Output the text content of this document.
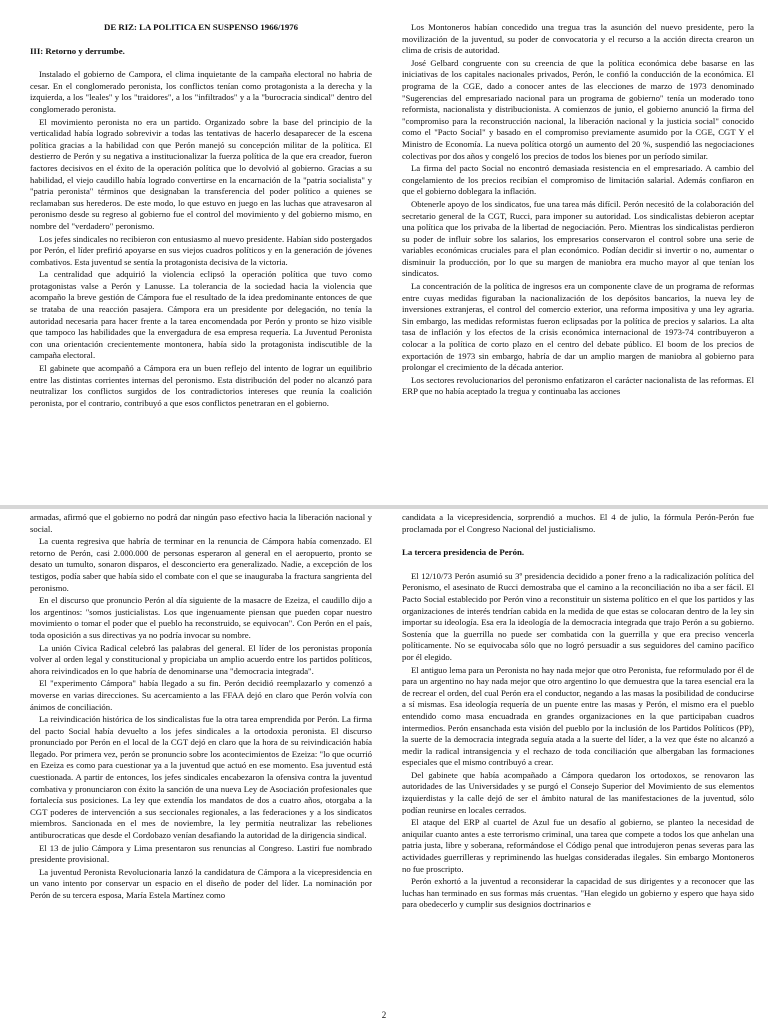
DE RIZ: LA POLITICA EN SUSPENSO 1966/1976

III: Retorno y derrumbe.

Instalado el gobierno de Campora, el clima inquietante de la campaña electoral no habria de cesar. En el conglomerado peronista, los conflictos tenían como protagonista a la derecha y la izquierda, a los "leales" y los "traidores", a los "infiltrados" y a la "burocracia sindical" dentro del conglomerado peronista.

El movimiento peronista no era un partido. Organizado sobre la base del principio de la verticalidad había logrado sobrevivir a todas las tentativas de hacerlo desaparecer de la escena política gracias a la habilidad con que Perón manejó su concepción militar de la política. El destierro de Perón y su negativa a institucionalizar la fuerza política de la que era creador, fueron factores decisivos en el éxito de la operación política que lo devolvió al gobierno. Gracias a su habilidad, el viejo caudillo había logrado convertirse en la encarnación de la "patria socialista" y "patria peronista" términos que designaban la transferencia del poder político a quienes se reclamaban sus herederos. De este modo, lo que estuvo en juego en las luchas que atravesaron al peronismo desde su regreso al gobierno fue el control del movimiento y del gobierno mismo, en nombre del "verdadero" peronismo.

Los jefes sindicales no recibieron con entusiasmo al nuevo presidente. Habían sido postergados por Perón, el líder prefirió apoyarse en sus viejos cuadros políticos y en la generación de jóvenes combativos. Esta juventud se sentía la protagonista decisiva de la victoria.

La centralidad que adquirió la violencia eclipsó la operación política que tuvo como protagonistas valse a Perón y Lanusse. La tolerancia de la sociedad hacia la violencia que acompaño la breve gestión de Cámpora fue el resultado de la idea predominante entonces de que se trataba de una reacción pasajera. Cámpora era un presidente por delegación, no tenía la autoridad necesaria para hacer frente a la tarea encomendada por Perón y pronto se hizo visible que tampoco las habilidades que la envergadura de esa empresa requería. La Juventud Peronista con una orientación crecientemente montonera, había sido la protagonista indiscutible de la campaña electoral.

El gabinete que acompañó a Cámpora era un buen reflejo del intento de lograr un equilibrio entre las distintas corrientes internas del peronismo. Esta distribución del poder no alcanzó para neutralizar los conflictos surgidos de los contradictorios intereses que reunía la coalición peronista, por el contrario, contribuyó a que esos conflictos penetraran en el gobierno.

Los Montoneros habían concedido una tregua tras la asunción del nuevo presidente, pero la movilización de la juventud, su poder de convocatoria y el recurso a la acción directa crearon un clima de crisis de autoridad.

José Gelbard congruente con su creencia de que la política económica debe basarse en las iniciativas de los capitales nacionales privados, Perón, le confió la conducción de la económica. El programa de la CGE, dado a conocer antes de las elecciones de marzo de 1973 denominado "Sugerencias del empresariado nacional para un programa de gobierno" tenía un moderado tono reformista, nacionalista y distribucionista. A comienzos de junio, el gobierno anunció la firma del "compromiso para la reconstrucción nacional, la liberación nacional y la justicia social" conocido como el "Pacto Social" y basado en el compromiso previamente asumido por la CGE, CGT Y el Ministro de Economía. La nueva política otorgó un aumento del 20 %, suspendió las negociaciones colectivas por dos años y congeló los precios de todos los bienes por un período similar.

La firma del pacto Social no encontró demasiada resistencia en el empresariado. A cambio del congelamiento de los precios recibían el compromiso de limitación salarial. Además confiaron en que el gobierno doblegara la inflación.

Obtenerle apoyo de los sindicatos, fue una tarea más difícil. Perón necesitó de la colaboración del secretario general de la CGT, Rucci, para imponer su autoridad. Los sindicalistas debieron aceptar una política que los privaba de la libertad de negociación. Pero. Mientras los sindicalistas perdieron su poder de influir sobre los salarios, los empresarios conservaron el control sobre una serie de variables económicas cruciales para el plan económico. Podían decidir si invertir o no, aumentar o disminuir la producción, por lo que su margen de maniobra era mucho mayor al que tenían los sindicatos.

La concentración de la política de ingresos era un componente clave de un programa de reformas entre cuyas medidas figuraban la nacionalización de los depósitos bancarios, la nueva ley de inversiones extranjeras, el control del comercio exterior, una reforma impositiva y una ley agraria. Sin embargo, las medidas reformistas fueron eclipsadas por la política de precios y salarios. La alta tasa de inflación y los efectos de la crisis económica internacional de 1973-74 contribuyeron a colocar a la política de corto plazo en el centro del debate público. El boom de los precios de exportación de 1973 sin embargo, habría de dar un amplio margen de maniobra al gobierno para prolongar el crecimiento de la década anterior.

Los sectores revolucionarios del peronismo enfatizaron el carácter nacionalista de las reformas. El ERP que no había aceptado la tregua y continuaba las acciones

armadas, afirmó que el gobierno no podrá dar ningún paso efectivo hacia la liberación nacional y social.

La cuenta regresiva que habría de terminar en la renuncia de Cámpora había comenzado. El retorno de Perón, casi 2.000.000 de personas esperaron al general en el aeropuerto, pronto se desato un tumulto, sonaron disparos, el desconcierto era generalizado. Nadie, a excepción de los testigos, podía saber que había sido el combate con el que se inauguraba la fractura sangrienta del peronismo.

En el discurso que pronuncio Perón al día siguiente de la masacre de Ezeiza, el caudillo dijo a los argentinos: "somos justicialistas. Los que ingenuamente piensan que pueden copar nuestro movimiento o tomar el poder que el pueblo ha reconstruido, se equivocan". Con Perón en el país, toda oposición a sus directivas ya no podría invocar su nombre.

La unión Cívica Radical celebró las palabras del general. El líder de los peronistas proponía volver al orden legal y constitucional y propiciaba un amplio acuerdo entre los partidos políticos, ahora reivindicados en lo que habría de denominarse una "democracia integrada".

El "experimento Cámpora" había llegado a su fin. Perón decidió reemplazarlo y comenzó a moverse en varias direcciones. Su acercamiento a las FFAA dejó en claro que Perón volvía con ánimos de conciliación.

La reivindicación histórica de los sindicalistas fue la otra tarea emprendida por Perón. La firma del pacto Social había devuelto a los jefes sindicales a la ortodoxia peronista. El discurso pronunciado por Perón en el local de la CGT dejó en claro que la hora de su reivindicación había llegado. Por primera vez, perón se pronuncio sobre los acontecimientos de Ezeiza: "lo que ocurrió en Ezeiza es como para cuestionar ya a la juventud que actuó en ese momento. Esa juventud está cuestionada. A partir de entonces, los jefes sindicales encabezaron la ofensiva contra la juventud combativa y pronunciaron con éxito la sanción de una nueva Ley de Asociación profesionales que fortalecía sus posiciones. La ley que extendía los mandatos de dos a cuatro años, otorgaba a la CGT poderes de intervención a sus seccionales regionales, a las federaciones y a los sindicatos miembros. Sancionada en el mes de noviembre, la ley permitía neutralizar las rebeliones antiburocraticas que desde el Cordobazo venían desafiando la autoridad de la dirigencia sindical.

El 13 de julio Cámpora y Lima presentaron sus renuncias al Congreso. Lastiri fue nombrado presidente provisional.

La juventud Peronista Revolucionaria lanzó la candidatura de Cámpora a la vicepresidencia en un vano intento por conservar un espacio en el diseño de poder del líder. La nominación por Perón de su tercera esposa, María Estela Martínez como

candidata a la vicepresidencia, sorprendió a muchos. El 4 de julio, la fórmula Perón-Perón fue proclamada por el Congreso Nacional del justicialismo.

La tercera presidencia de Perón.

El 12/10/73 Perón asumió su 3º presidencia decidido a poner freno a la radicalización política del Peronismo, el asesinato de Rucci demostraba que el camino a la reconciliación no iba a ser fácil. El Pacto Social establecido por Perón vino a reconstituir un sistema político en el que los partidos y las organizaciones de interés tendrían cabida en la medida de que estas se colocaran dentro de la ley sin importar su ideología. Esa era la ideología de la democracia integrada que trajo Perón a su gobierno. Sostenía que la guerrilla no puede ser combatida con la guerrilla y que era preciso vencerla políticamente. No se equivocaba sólo que no logró persuadir a sus seguidores del camino pacífico por él elegido.

El antiguo lema para un Peronista no hay nada mejor que otro Peronista, fue reformulado por él de para un argentino no hay nada mejor que otro argentino lo que demuestra que la tarea esencial era la de recrear el orden, del cual Perón era el conductor, negando a las masas la posibilidad de conducirse a sí mismas. Esa ideología requería de un puente entre las masas y Perón, el mismo era el pueblo entendido como masa encuadrada en grandes organizaciones en la que participaban cuadros intermedios. Perón ensanchada esta visión del pueblo por la inclusión de los Partidos Políticos (PP), la suerte de la democracia integrada seguía atada a la suerte del líder, a la vez que éste no alcanzó a medir la radical intransigencia y el rechazo de toda conciliación que albergaban las formaciones especiales que el mismo contribuyó a crear.

Del gabinete que había acompañado a Cámpora quedaron los ortodoxos, se renovaron las autoridades de las Universidades y se purgó el Consejo Superior del Movimiento de sus elementos izquierdistas y la calle dejó de ser el ámbito natural de las manifestaciones de la juventud, sólo podían reunirse en locales cerrados.

El ataque del ERP al cuartel de Azul fue un desafío al gobierno, se planteo la necesidad de aniquilar cuanto antes a este terrorismo criminal, una tarea que compete a todos los que anhelan una patria justa, libre y soberana, reformándose el Código penal que introdujeron penas severas para las actividades guerrilleras y repriminendo las huelgas consideradas ilegales. Sin embargo Montoneros no fue proscripto.

Perón exhortó a la juventud a reconsiderar la capacidad de sus dirigentes y a reconocer que las luchas han terminado en sus formas más cruentas. "Han elegido un gobierno y espero que haya sido para obedecerlo y cumplir sus designios doctrinarios e

2
